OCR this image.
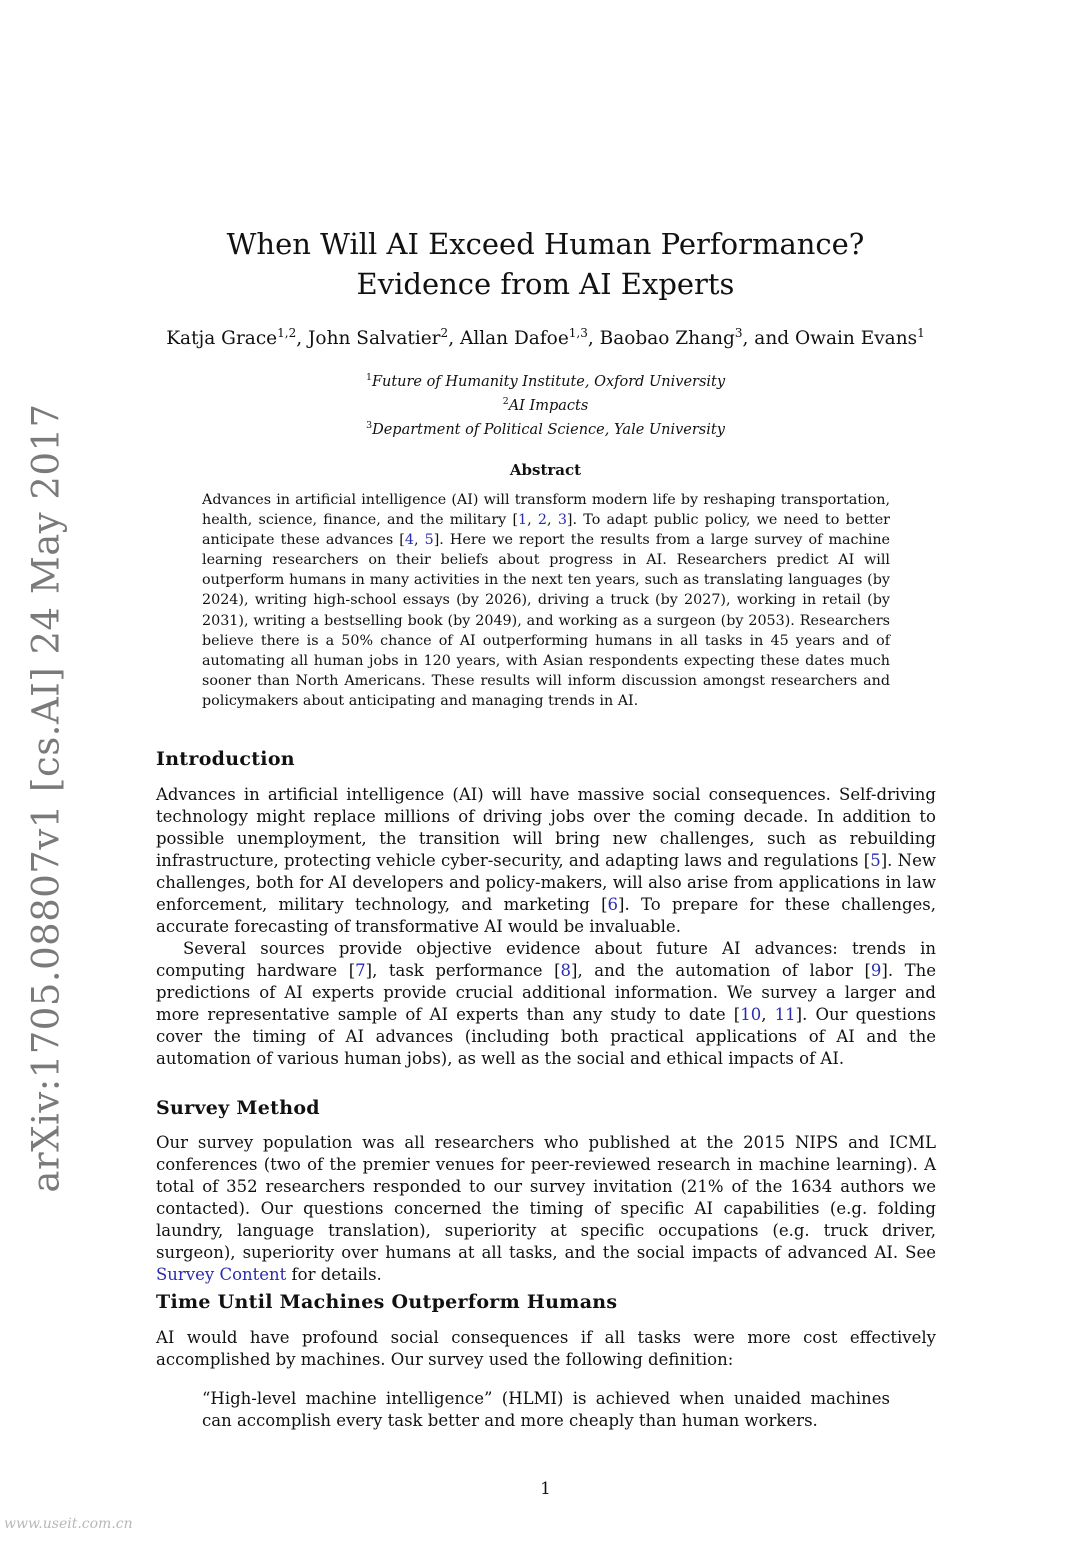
arXiv:1705.08807v1 [cs.AI] 24 May 2017
When Will AI Exceed Human Performance?
Evidence from AI Experts
Katja Grace$^{1,2}$, John Salvatier$^2$, Allan Dafoe$^{1,3}$, Baobao Zhang$^3$, and Owain Evans$^1$
$^1$Future of Humanity Institute, Oxford University
$^2$AI Impacts
$^3$Department of Political Science, Yale University
Abstract
Advances in artificial intelligence (AI) will transform modern life by reshaping transportation, health, science, finance, and the military [1, 2, 3]. To adapt public policy, we need to better anticipate these advances [4, 5]. Here we report the results from a large survey of machine learning researchers on their beliefs about progress in AI. Researchers predict AI will outperform humans in many activities in the next ten years, such as translating languages (by 2024), writing high-school essays (by 2026), driving a truck (by 2027), working in retail (by 2031), writing a bestselling book (by 2049), and working as a surgeon (by 2053). Researchers believe there is a 50% chance of AI outperforming humans in all tasks in 45 years and of automating all human jobs in 120 years, with Asian respondents expecting these dates much sooner than North Americans. These results will inform discussion amongst researchers and policymakers about anticipating and managing trends in AI.
Introduction

Advances in artificial intelligence (AI) will have massive social consequences. Self-driving technology might replace millions of driving jobs over the coming decade. In addition to possible unemployment, the transition will bring new challenges, such as rebuilding infrastructure, protecting vehicle cyber-security, and adapting laws and regulations [5]. New challenges, both for AI developers and policy-makers, will also arise from applications in law enforcement, military technology, and marketing [6]. To prepare for these challenges, accurate forecasting of transformative AI would be invaluable.

Several sources provide objective evidence about future AI advances: trends in computing hardware [7], task performance [8], and the automation of labor [9]. The predictions of AI experts provide crucial additional information. We survey a larger and more representative sample of AI experts than any study to date [10, 11]. Our questions cover the timing of AI advances (including both practical applications of AI and the automation of various human jobs), as well as the social and ethical impacts of AI.

Survey Method

Our survey population was all researchers who published at the 2015 NIPS and ICML conferences (two of the premier venues for peer-reviewed research in machine learning). A total of 352 researchers responded to our survey invitation (21% of the 1634 authors we contacted). Our questions concerned the timing of specific AI capabilities (e.g. folding laundry, language translation), superiority at specific occupations (e.g. truck driver, surgeon), superiority over humans at all tasks, and the social impacts of advanced AI. See Survey Content for details.

Time Until Machines Outperform Humans

AI would have profound social consequences if all tasks were more cost effectively accomplished by machines. Our survey used the following definition:

“High-level machine intelligence” (HLMI) is achieved when unaided machines can accomplish every task better and more cheaply than human workers.
1
www.useit.com.cn
